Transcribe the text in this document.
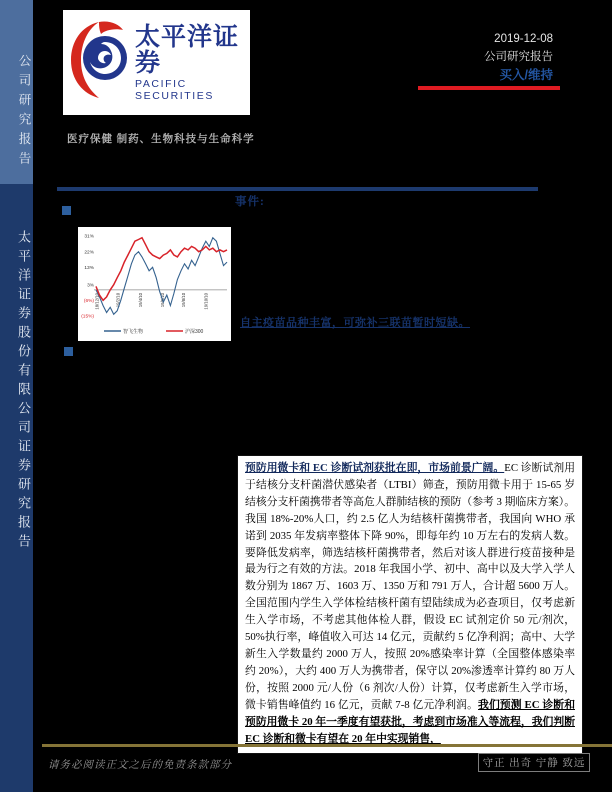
公司研究报告
太平洋证券股份有限公司证券研究报告
太平洋证券
PACIFIC SECURITIES
2019-12-08
公司研究报告
买入/维持
医疗保健 制药、生物科技与生命科学
事件:
31%
22%
13%
3%
(6%)
(15%)
18/12/10	19/2/10	19/4/10	19/6/10	19/8/10	19/10/10
智飞生物	沪深300
自主疫苗品种丰富，可弥补三联苗暂时短缺。
预防用微卡和 EC 诊断试剂获批在即，市场前景广阔。EC 诊断试剂用于结核分支杆菌潜伏感染者（LTBI）筛查，预防用微卡用于 15-65 岁结核分支杆菌携带者等高危人群肺结核的预防（参考 3 期临床方案）。我国 18%-20%人口，约 2.5 亿人为结核杆菌携带者，我国向 WHO 承诺到 2035 年发病率整体下降 90%，即每年约 10 万左右的发病人数。要降低发病率，筛选结核杆菌携带者，然后对该人群进行疫苗接种是最为行之有效的方法。2018 年我国小学、初中、高中以及大学入学人数分别为 1867 万、1603 万、1350 万和 791 万人，合计超 5600 万人。全国范围内学生入学体检结核杆菌有望陆续成为必查项目，仅考虑新生入学市场，不考虑其他体检人群，假设 EC 试剂定价 50 元/剂次，50%执行率，峰值收入可达 14 亿元，贡献约 5 亿净利润；高中、大学新生入学数量约 2000 万人，按照 20%感染率计算（全国整体感染率约 20%），大约 400 万人为携带者，保守以 20%渗透率计算约 80 万人份，按照 2000 元/人份（6 剂次/人份）计算，仅考虑新生入学市场，微卡销售峰值约 16 亿元，贡献 7-8 亿元净利润。我们预测 EC 诊断和预防用微卡 20 年一季度有望获批，考虑到市场准入等流程，我们判断 EC 诊断和微卡有望在 20 年中实现销售，
请务必阅读正文之后的免责条款部分	守正 出奇 宁静 致远
